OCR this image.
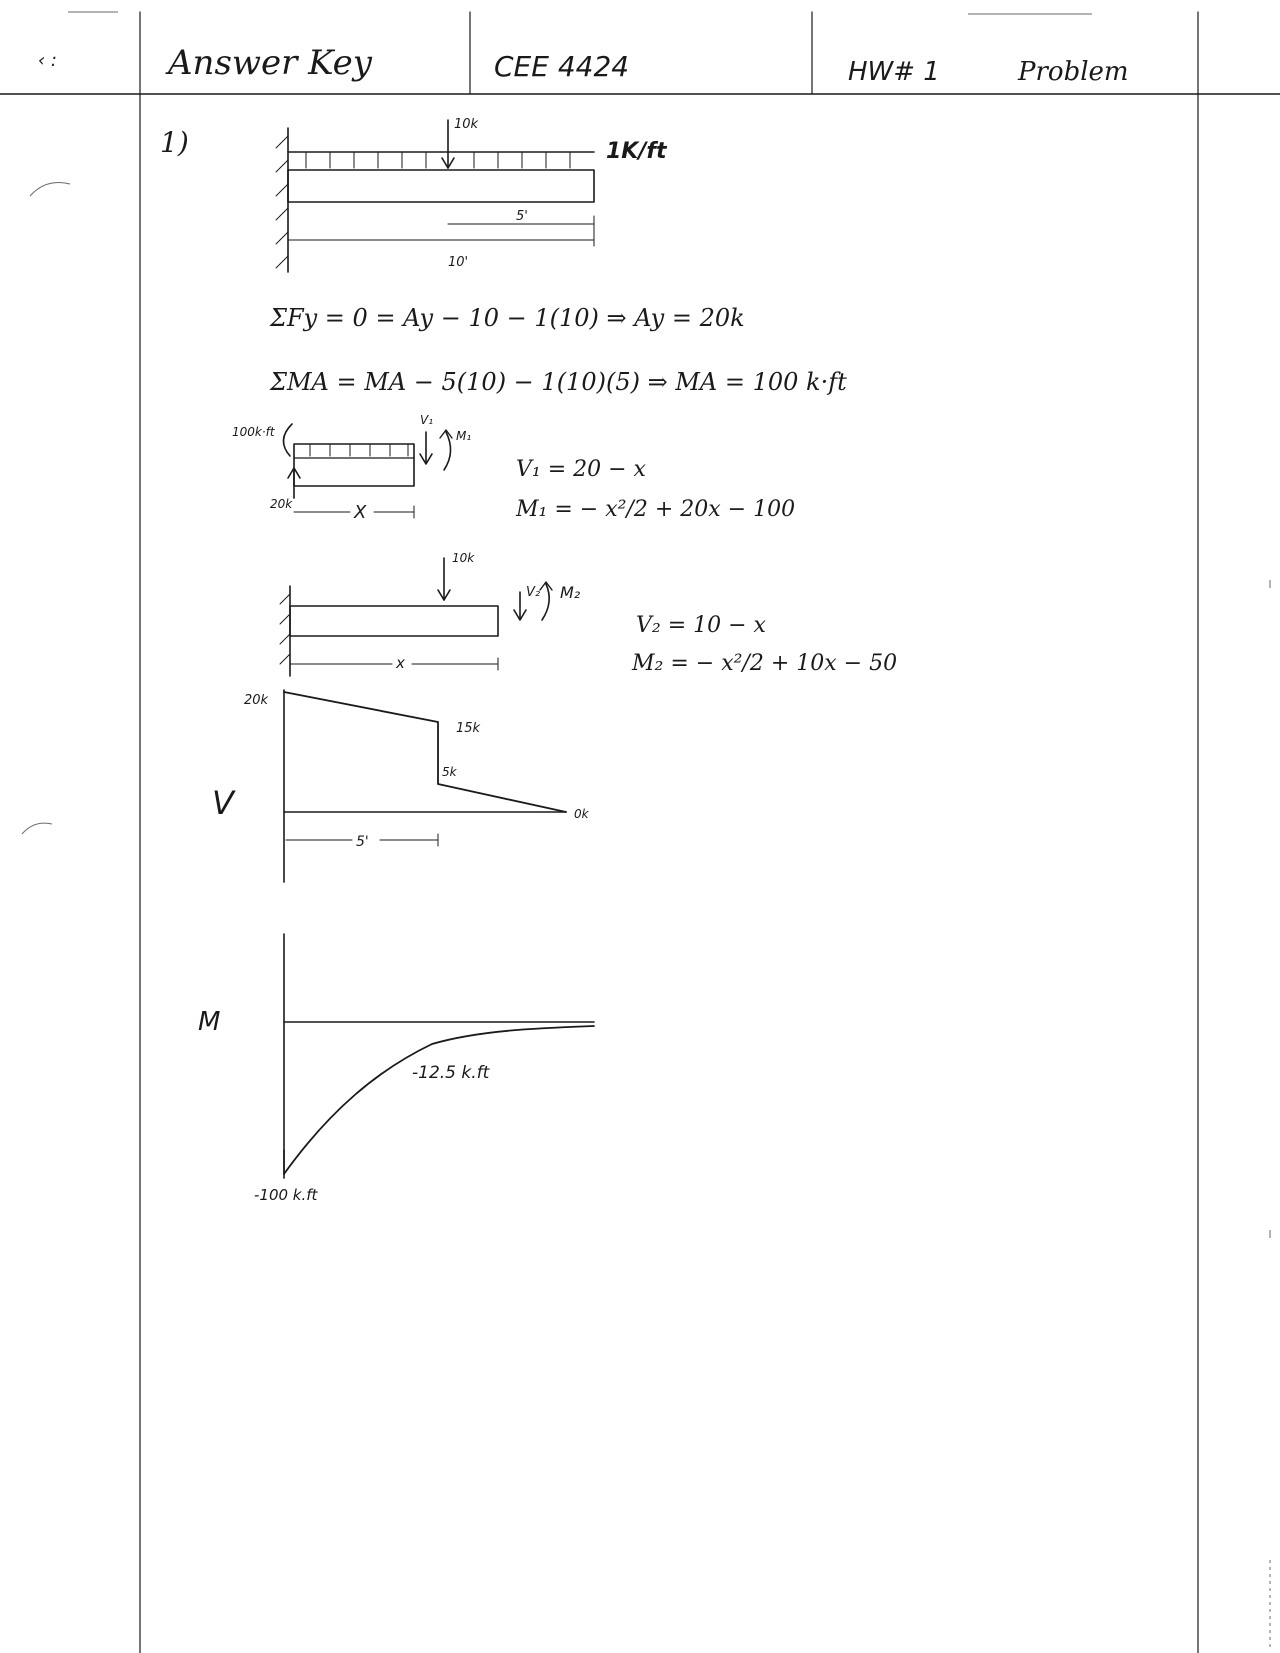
‹ :	Answer Key	CEE 4424	HW# 1	Problem
1)
10k
1K/ft
5'
10'
ΣFy = 0 = Ay − 10 − 1(10) ⇒ Ay = 20k
ΣMA = MA − 5(10) − 1(10)(5) ⇒ MA = 100 k·ft
100k·ft
20k
V₁
M₁
X
V₁ = 20 − x
M₁ = − x²/2 + 20x − 100
10k
V₂ M₂
x
V₂ = 10 − x
M₂ = − x²/2 + 10x − 50
V
20k
15k
5k
0k
5'
M
-12.5 k.ft
-100 k.ft
